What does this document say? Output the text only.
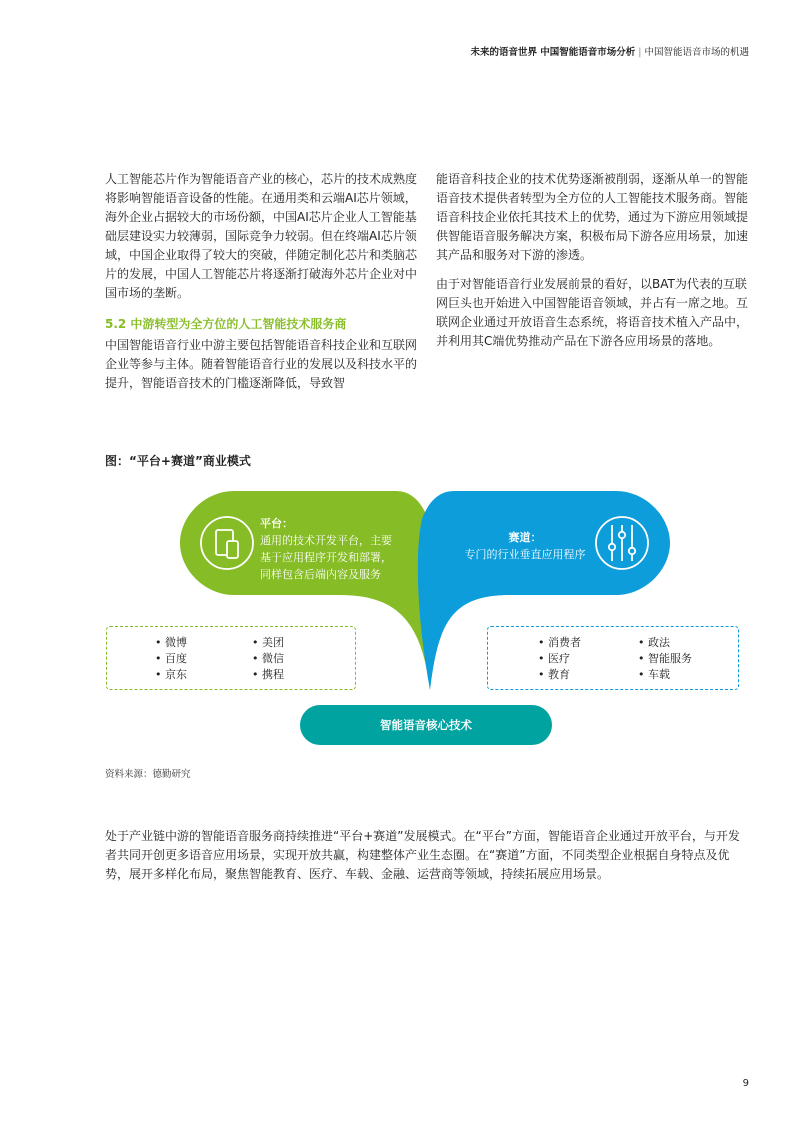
未来的语音世界 中国智能语音市场分析 | 中国智能语音市场的机遇

人工智能芯片作为智能语音产业的核心，芯片的技术成熟度将影响智能语音设备的性能。在通用类和云端AI芯片领域，海外企业占据较大的市场份额，中国AI芯片企业人工智能基础层建设实力较薄弱，国际竞争力较弱。但在终端AI芯片领域，中国企业取得了较大的突破，伴随定制化芯片和类脑芯片的发展，中国人工智能芯片将逐渐打破海外芯片企业对中国市场的垄断。

5.2 中游转型为全方位的人工智能技术服务商

中国智能语音行业中游主要包括智能语音科技企业和互联网企业等参与主体。随着智能语音行业的发展以及科技水平的提升，智能语音技术的门槛逐渐降低，导致智

能语音科技企业的技术优势逐渐被削弱，逐渐从单一的智能语音技术提供者转型为全方位的人工智能技术服务商。智能语音科技企业依托其技术上的优势，通过为下游应用领域提供智能语音服务解决方案，积极布局下游各应用场景，加速其产品和服务对下游的渗透。

由于对智能语音行业发展前景的看好，以BAT为代表的互联网巨头也开始进入中国智能语音领域，并占有一席之地。互联网企业通过开放语音生态系统，将语音技术植入产品中，并利用其C端优势推动产品在下游各应用场景的落地。

图：“平台+赛道”商业模式
平台：
通用的技术开发平台，主要
基于应用程序开发和部署，
同样包含后端内容及服务
赛道：
专门的行业垂直应用程序
• 微博
• 百度
• 京东
• 美团
• 微信
• 携程
• 消费者
• 医疗
• 教育
• 政法
• 智能服务
• 车载
智能语音核心技术
资料来源：德勤研究
处于产业链中游的智能语音服务商持续推进“平台+赛道”发展模式。在“平台”方面，智能语音企业通过开放平台，与开发者共同开创更多语音应用场景，实现开放共赢，构建整体产业生态圈。在“赛道”方面，不同类型企业根据自身特点及优势，展开多样化布局，聚焦智能教育、医疗、车载、金融、运营商等领域，持续拓展应用场景。
9
